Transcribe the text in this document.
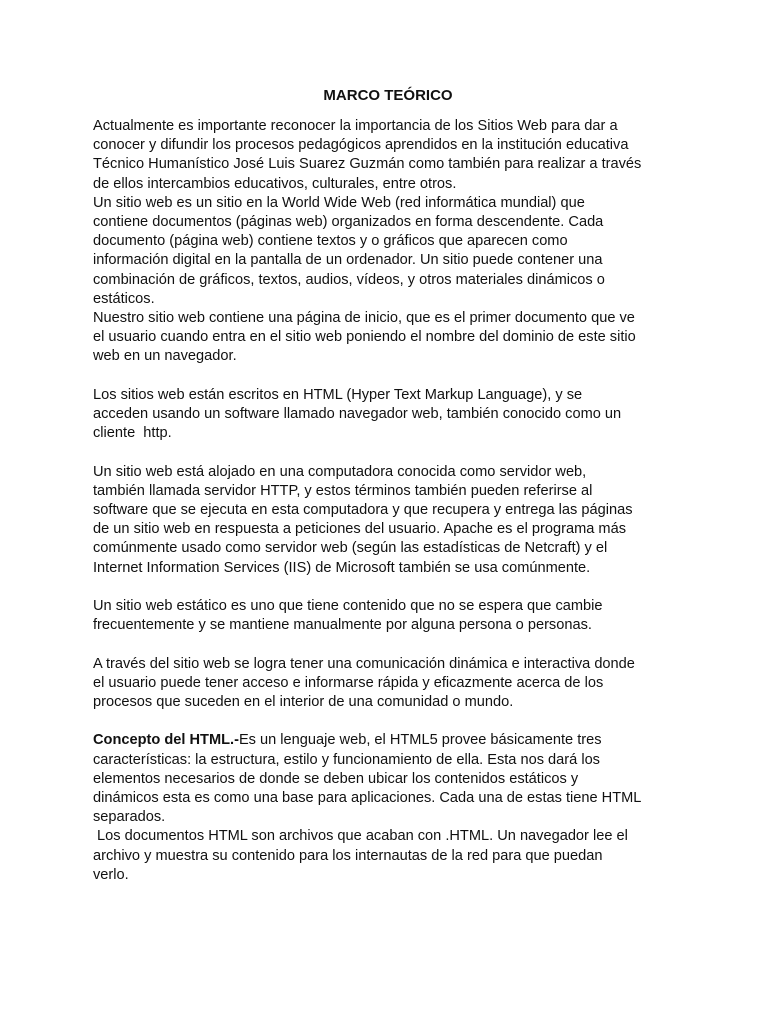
MARCO TEÓRICO
Actualmente es importante reconocer la importancia de los Sitios Web para dar a
conocer y difundir los procesos pedagógicos aprendidos en la institución educativa
Técnico Humanístico José Luis Suarez Guzmán como también para realizar a través
de ellos intercambios educativos, culturales, entre otros.
Un sitio web es un sitio en la World Wide Web (red informática mundial) que
contiene documentos (páginas web) organizados en forma descendente. Cada
documento (página web) contiene textos y o gráficos que aparecen como
información digital en la pantalla de un ordenador. Un sitio puede contener una
combinación de gráficos, textos, audios, vídeos, y otros materiales dinámicos o
estáticos.
Nuestro sitio web contiene una página de inicio, que es el primer documento que ve
el usuario cuando entra en el sitio web poniendo el nombre del dominio de este sitio
web en un navegador.
Los sitios web están escritos en HTML (Hyper Text Markup Language), y se
acceden usando un software llamado navegador web, también conocido como un
cliente  http.
Un sitio web está alojado en una computadora conocida como servidor web,
también llamada servidor HTTP, y estos términos también pueden referirse al
software que se ejecuta en esta computadora y que recupera y entrega las páginas
de un sitio web en respuesta a peticiones del usuario. Apache es el programa más
comúnmente usado como servidor web (según las estadísticas de Netcraft) y el
Internet Information Services (IIS) de Microsoft también se usa comúnmente.
Un sitio web estático es uno que tiene contenido que no se espera que cambie
frecuentemente y se mantiene manualmente por alguna persona o personas.
A través del sitio web se logra tener una comunicación dinámica e interactiva donde
el usuario puede tener acceso e informarse rápida y eficazmente acerca de los
procesos que suceden en el interior de una comunidad o mundo.
Concepto del HTML.-Es un lenguaje web, el HTML5 provee básicamente tres
características: la estructura, estilo y funcionamiento de ella. Esta nos dará los
elementos necesarios de donde se deben ubicar los contenidos estáticos y
dinámicos esta es como una base para aplicaciones. Cada una de estas tiene HTML
separados.
Los documentos HTML son archivos que acaban con .HTML. Un navegador lee el
archivo y muestra su contenido para los internautas de la red para que puedan
verlo.
